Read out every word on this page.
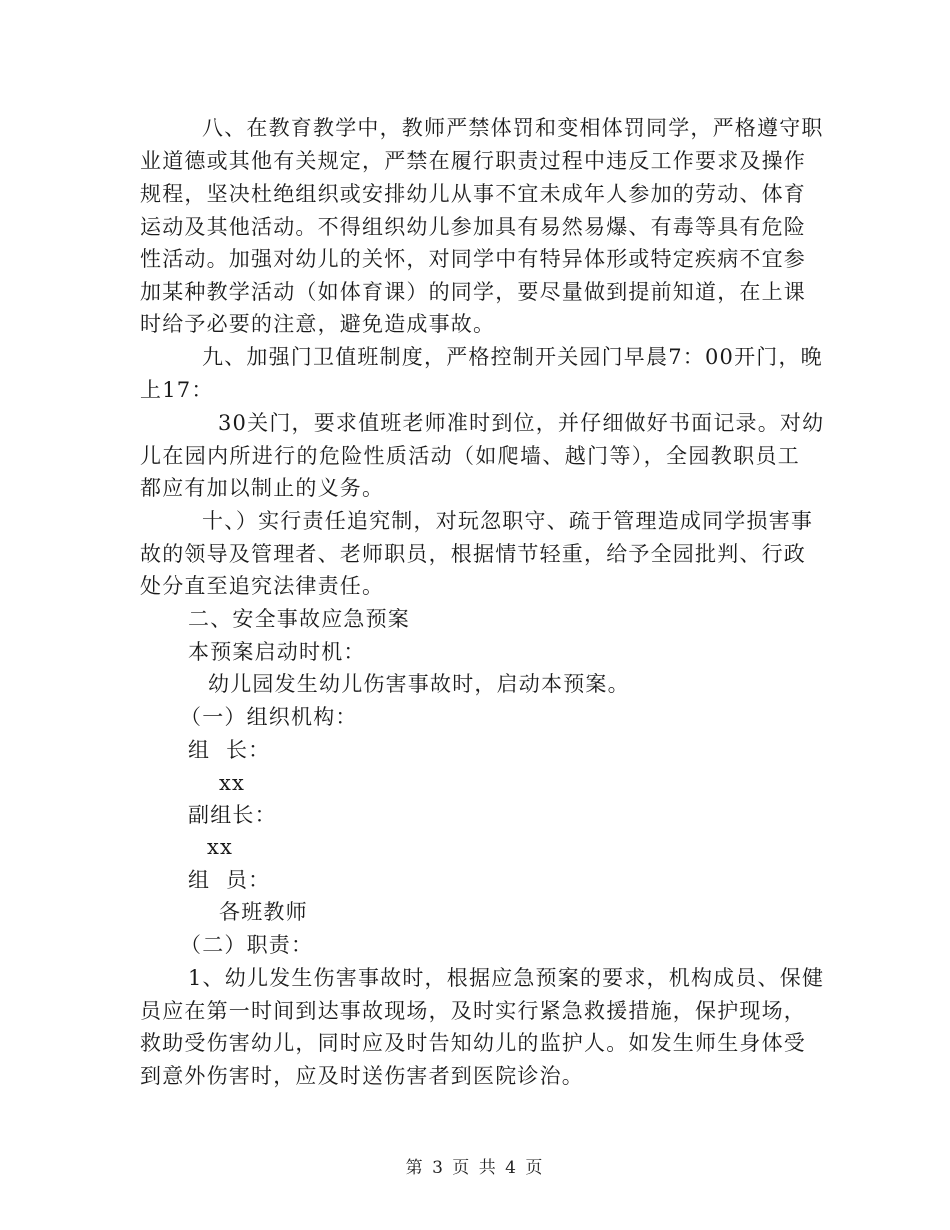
八、在教育教学中，教师严禁体罚和变相体罚同学，严格遵守职
业道德或其他有关规定，严禁在履行职责过程中违反工作要求及操作
规程，坚决杜绝组织或安排幼儿从事不宜未成年人参加的劳动、体育
运动及其他活动。不得组织幼儿参加具有易然易爆、有毒等具有危险
性活动。加强对幼儿的关怀，对同学中有特异体形或特定疾病不宜参
加某种教学活动（如体育课）的同学，要尽量做到提前知道，在上课
时给予必要的注意，避免造成事故。
九、加强门卫值班制度，严格控制开关园门早晨7：00开门，晚
上17：
30关门，要求值班老师准时到位，并仔细做好书面记录。对幼
儿在园内所进行的危险性质活动（如爬墙、越门等），全园教职员工
都应有加以制止的义务。
十、）实行责任追究制，对玩忽职守、疏于管理造成同学损害事
故的领导及管理者、老师职员，根据情节轻重，给予全园批判、行政
处分直至追究法律责任。
二、安全事故应急预案
本预案启动时机：
幼儿园发生幼儿伤害事故时，启动本预案。
（一）组织机构：
组  长：
xx
副组长：
xx
组  员：
各班教师
（二）职责：
1、幼儿发生伤害事故时，根据应急预案的要求，机构成员、保健
员应在第一时间到达事故现场，及时实行紧急救援措施，保护现场，
救助受伤害幼儿，同时应及时告知幼儿的监护人。如发生师生身体受
到意外伤害时，应及时送伤害者到医院诊治。
第 3 页 共 4 页
